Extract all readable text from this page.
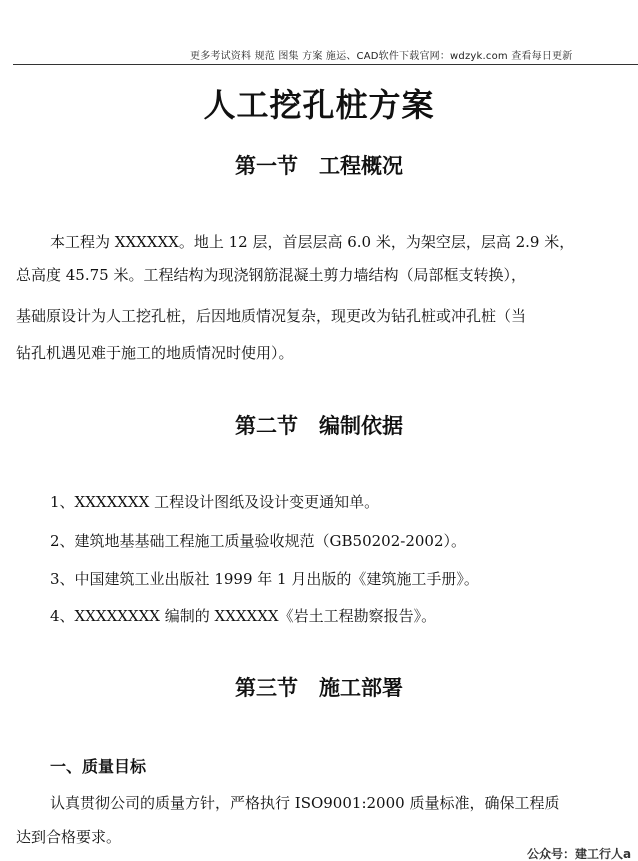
更多考试资料 规范 图集 方案 施运、CAD软件下载官网：wdzyk.com 查看每日更新
人工挖孔桩方案
第一节　工程概况
本工程为 XXXXXX。地上 12 层，首层层高 6.0 米，为架空层，层高 2.9 米，
总高度 45.75 米。工程结构为现浇钢筋混凝土剪力墙结构（局部框支转换），
基础原设计为人工挖孔桩，后因地质情况复杂，现更改为钻孔桩或冲孔桩（当
钻孔机遇见难于施工的地质情况时使用）。
第二节　编制依据
1、XXXXXXX 工程设计图纸及设计变更通知单。
2、建筑地基基础工程施工质量验收规范（GB50202-2002）。
3、中国建筑工业出版社 1999 年 1 月出版的《建筑施工手册》。
4、XXXXXXXX 编制的 XXXXXX《岩土工程勘察报告》。
第三节　施工部署
一、质量目标
认真贯彻公司的质量方针，严格执行 ISO9001:2000 质量标准，确保工程质
达到合格要求。
公众号：建工行人a
